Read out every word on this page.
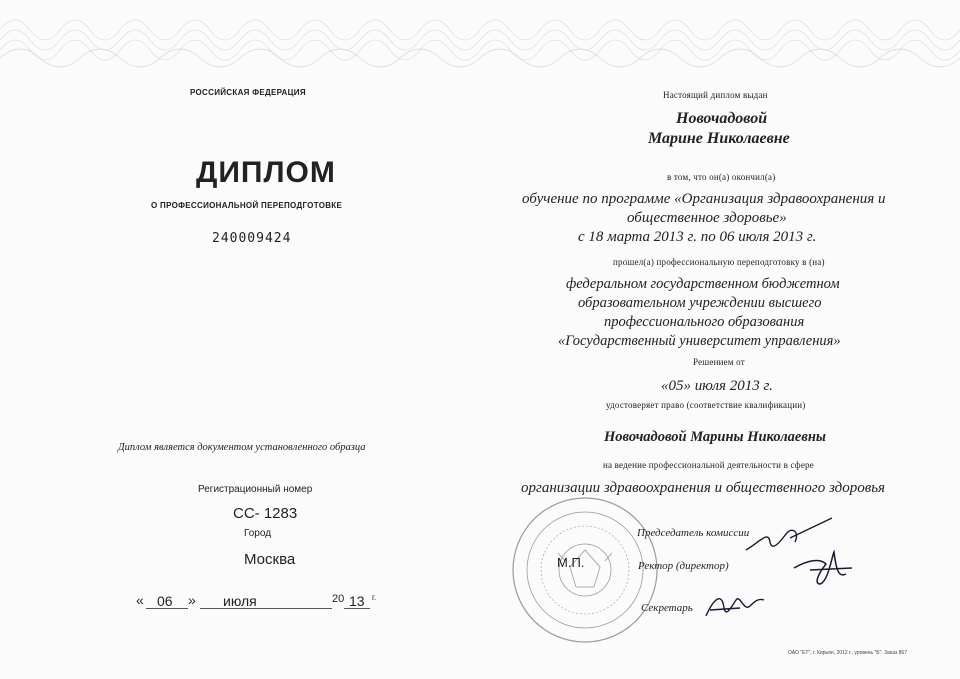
РОССИЙСКАЯ ФЕДЕРАЦИЯ
ДИПЛОМ
О ПРОФЕССИОНАЛЬНОЙ ПЕРЕПОДГОТОВКЕ
240009424
Диплом является документом установленного образца
Регистрационный номер
СС- 1283
Город
Москва
« 06 » июля	20 13 г.
Настоящий диплом выдан
Новочадовой
Марине Николаевне
в том, что он(а) окончил(а)
обучение по программе «Организация здравоохранения и
общественное здоровье»
с 18 марта 2013 г. по 06 июля 2013 г.
прошел(а) профессиональную переподготовку в (на)
федеральном государственном бюджетном
образовательном учреждении высшего
профессионального образования
«Государственный университет управления»
Решением от
«05» июля 2013 г.
удостоверяет право (соответствие квалификации)
Новочадовой Марины Николаевны
на ведение профессиональной деятельности в сфере
организации здравоохранения и общественного здоровья
Председатель комиссии
М.П.	Ректор (директор)
Секретарь
ОАО "ЕТ", г. Кирьял, 2012 г., уровень "Б". Заказ 867
